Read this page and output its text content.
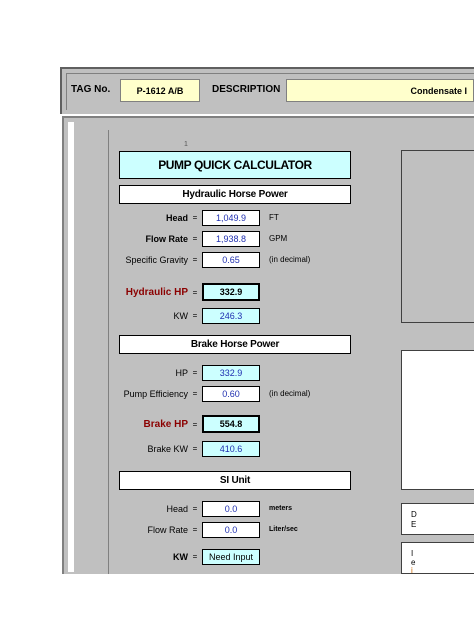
TAG No.	P-1612 A/B	DESCRIPTION	Condensate I
D
E
I
e
i
1
PUMP QUICK CALCULATOR
Hydraulic Horse Power
Head =	1,049.9	FT
Flow Rate =	1,938.8	GPM
Specific Gravity =	0.65	(in decimal)
Hydraulic HP =	332.9
KW =	246.3
Brake Horse Power
HP =	332.9
Pump Efficiency =	0.60	(in decimal)
Brake HP =	554.8
Brake KW =	410.6
SI Unit
Head =	0.0	meters
Flow Rate =	0.0	Liter/sec
KW =	Need Input
